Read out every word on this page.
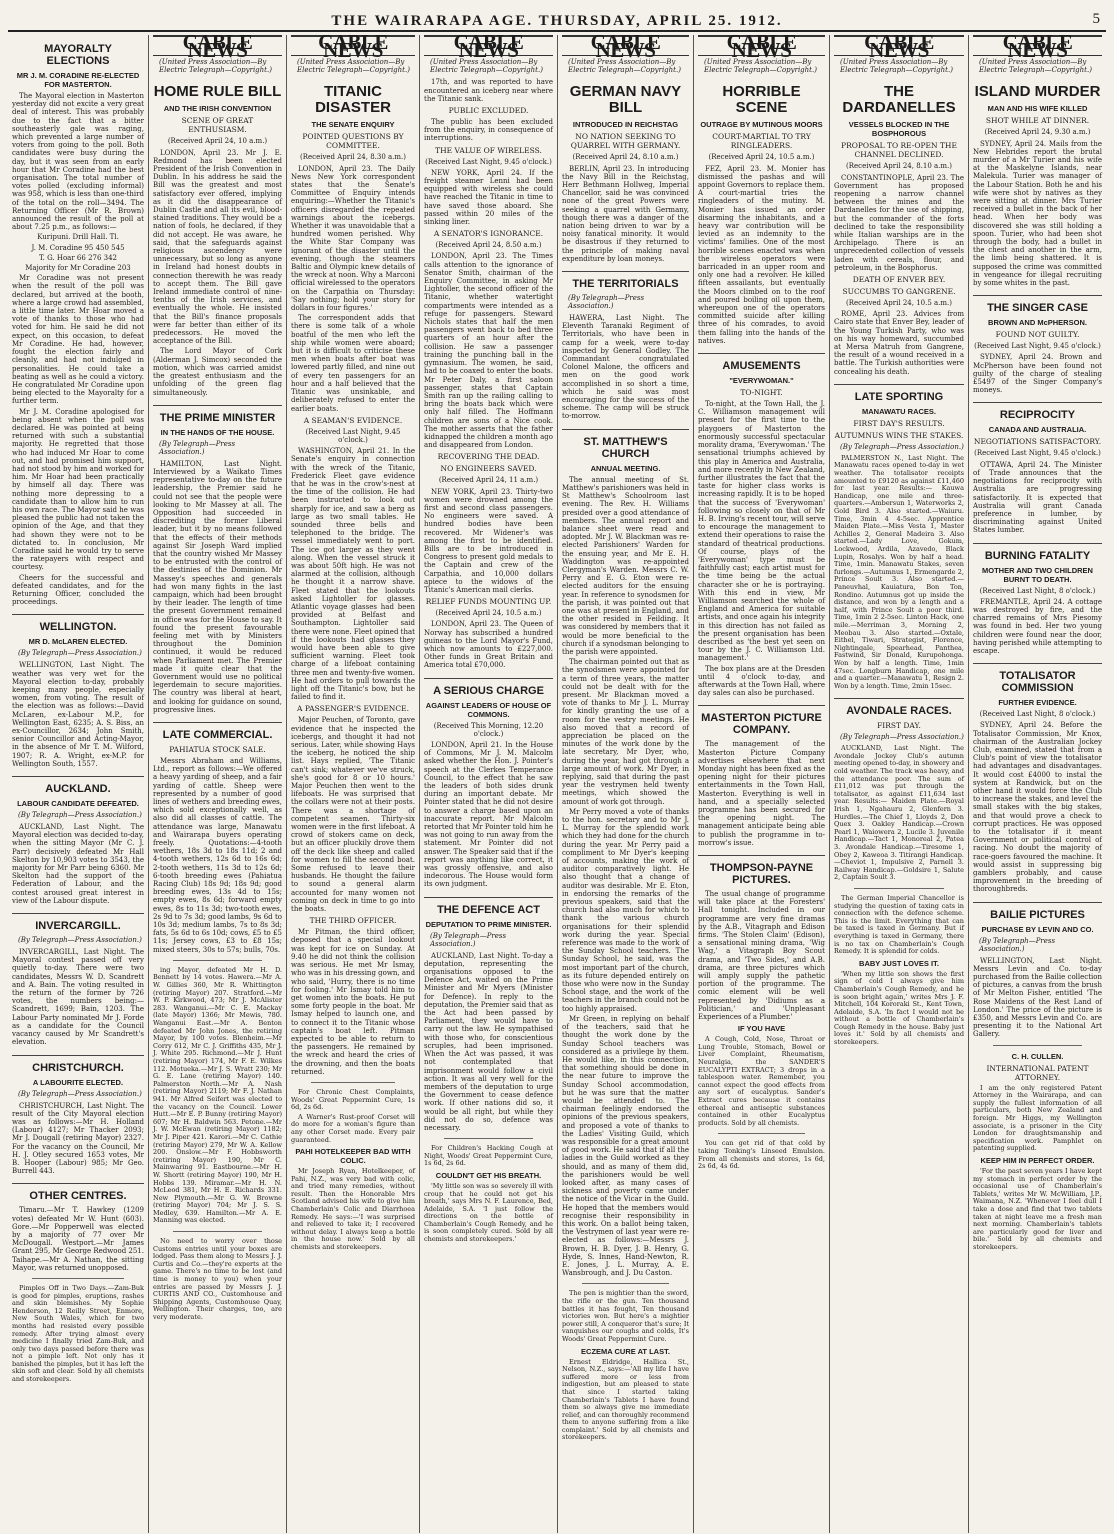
THE WAIRARAPA AGE. THURSDAY, APRIL 25. 1912.	5
MAYORALTY ELECTIONS
MR J. M. CORADINE RE-ELECTED FOR MASTERTON.

The Mayoral election in Masterton yesterday did not excite a very great deal of interest. This was probably due to the fact that a bitter southeasterly gale was raging, which prevented a large number of voters from going to the poll. Both candidates were busy during the day, but it was seen from an early hour that Mr Coradine had the best organisation. The total number of votes polled (excluding informal) was 958, which is less than one-third of the total on the roll—3494. The Returning Officer (Mr R. Brown) announced the result of the poll at about 7.25 p.m., as follows:—

Kuripuni. Drill Hall. Tl.
J. M. Coradine 95 450 545
T. G. Hoar 66 276 342
Majority for Mr Coradine 203

Mr Coradine was not present when the result of the poll was declared, but arrived at the booth, where a large crowd had assembled, a little time later. Mr Hoar moved a vote of thanks to those who had voted for him. He said he did not expect, on this occasion, to defeat Mr Coradine. He had, however, fought the election fairly and cleanly, and had not indulged in personalities. He could take a beating as well as he could a victory. He congratulated Mr Coradine upon being elected to the Mayoralty for a further term.

Mr J. M. Coradine apologised for being absent when the poll was declared. He was pointed at being returned with such a substantial majority. He regretted that those who had induced Mr Hoar to come out, and had promised him support, had not stood by him and worked for him. Mr Hoar had been practically by himself all day. There was nothing more depressing to a candidate than to allow him to run his own race. The Mayor said he was pleased the public had not taken the opinion of the Age, and that they had shown they were not to be dictated to. In conclusion, Mr Coradine said he would try to serve the ratepayers with respect and courtesy.

Cheers for the successful and defeated candidates, and for the Returning Officer, concluded the proceedings.

WELLINGTON.
MR D. McLAREN ELECTED.
(By Telegraph—Press Association.)

WELLINGTON, Last Night. The weather was very wet for the Mayoral election to-day, probably keeping many people, especially women, from voting. The result of the election was as follows:—David McLaren, ex-Labour M.P., for Wellington East, 6235; A. S. Biss, an ex-Councillor, 2634; John Smith, senior Councillor and Acting-Mayor, in the absence of Mr T. M. Wilford, 1907; R. A. Wright, ex-M.P. for Wellington South, 1557.

AUCKLAND.
LABOUR CANDIDATE DEFEATED.
(By Telegraph—Press Association.)

AUCKLAND, Last Night. The Mayoral election was decided to-day, when the sitting Mayor (Mr C. J. Parr) decisively defeated Mr Hall Skelton by 10,903 votes to 3543, the majority for Mr Parr being 6360. Mr Skelton had the support of the Federation of Labour, and the contest aroused great interest in view of the Labour dispute.

INVERCARGILL.
(By Telegraph—Press Association.)

INVERCARGILL, Last Night. The Mayoral contest passed off very quietly to-day. There were two candidates, Messrs W. D. Scandrett and A. Bain. The voting resulted in the return of the former by 726 votes, the numbers being:—Scandrett, 1699; Bain, 1203. The Labour Party nominated Mr J. Forde as a candidate for the Council vacancy caused by Mr Scandrett's elevation.

CHRISTCHURCH.
A LABOURITE ELECTED.
(By Telegraph—Press Association.)

CHRISTCHURCH, Last Night. The result of the City Mayoral election was as follows:—Mr H. Holland (Labour) 4127; Mr Thacker 2093; Mr J. Dougall (retiring Mayor) 2327. For the vacancy on the Council, Mr H. J. Otley secured 1653 votes, Mr B. Hooper (Labour) 985; Mr Geo. Burrell 443.

OTHER CENTRES.

Timaru.—Mr T. Hawkey (1209 votes) defeated Mr W. Hunt (603). Gore.—Mr Popperwell was elected by a majority of 77 over Mr McDougall. Westport.—Mr James Grant 295, Mr George Redwood 251. Taihape.—Mr A. Nathan, the sitting Mayor, was returned unopposed.

Pimples Off in Two Days.—Zam-Buk is good for pimples, eruptions, rashes and skin blemishes. My Sophie Henderson, 12 Reilly Street, Enmore, New South Wales, which for two months had resisted every possible remedy. After trying almost every medicine I finally tried Zam-Buk, and only two days passed before there was not a pimple left. Not only has it banished the pimples, but it has left the skin soft and clear. Sold by all chemists and storekeepers.

CABLE NEWS
(United Press Association—By Electric Telegraph—Copyright.)
HOME RULE BILL
AND THE IRISH CONVENTION
SCENE OF GREAT ENTHUSIASM.
(Received April 24, 10 a.m.)

LONDON, April 23. Mr J. E. Redmond has been elected President of the Irish Convention in Dublin. In his address he said the Bill was the greatest and most satisfactory ever offered, implying as it did the disappearance of Dublin Castle and all its evil, blood-stained traditions. They would be a nation of fools, he declared, if they did not accept. He was aware, he said, that the safeguards against religious ascendency were unnecessary, but so long as anyone in Ireland had honest doubts in connection therewith he was ready to accept them. The Bill gave Ireland immediate control of nine-tenths of the Irish services, and eventually the whole. He insisted that the Bill's finance proposals were far better than either of its predecessors. He moved the acceptance of the Bill.

The Lord Mayor of Cork (Alderman J. Simcox) seconded the motion, which was carried amidst the greatest enthusiasm and the unfolding of the green flag simultaneously.

THE PRIME MINISTER
IN THE HANDS OF THE HOUSE.
(By Telegraph—Press Association.)

HAMILTON, Last Night. Interviewed by a Waikato Times representative to-day on the future leadership, the Premier said he could not see that the people were looking to Mr Massey at all. The Opposition had succeeded in discrediting the former Liberal leader, but it by no means followed that the effects of their methods against Sir Joseph Ward implied that the country wished Mr Massey to be entrusted with the control of the destinies of the Dominion. Mr Massey's speeches and generals had won many fights in the last campaign, which had been brought by their leader. The length of time the present Government remained in office was for the House to say. It found the present favourable feeling met with by Ministers throughout the Dominion continued, it would be reduced when Parliament met. The Premier made it quite clear that the Government would use no political legerdemain to secure majorities. The country was liberal at heart, and looking for guidance on sound, progressive lines.

LATE COMMERCIAL.
PAHIATUA STOCK SALE.

Messrs Abraham and Williams, Ltd., report as follows:—We offered a heavy yarding of sheep, and a fair yarding of cattle. Sheep were represented by a number of good lines of wethers and breeding ewes, which sold exceptionally well, as also did all classes of cattle. The attendance was large, Manawatu and Wairarapa buyers operating freely. Quotations:—4-tooth wethers, 18s 3d to 18s 11d; 2 and 4-tooth wethers, 12s 6d to 16s 6d; 2-tooth wethers, 11s 3d to 12s 6d; 6-tooth breeding ewes (Pahiatua Racing Club) 18s 9d; 18s 9d; good breeding ewes, 13s 4d to 15s; empty ewes, 8s 6d; forward empty ewes, 8s to 11s 3d; two-tooth ewes, 2s 9d to 7s 3d; good lambs, 9s 6d to 10s 3d; medium lambs, 7s to 8s 3d; fats, 5s 6d to 6s 10d; cows, £5 to £5 11s; Jersey cows, £3 to £8 15s; mixed steers, 30s to 57s; bulls, 70s.

ing Mayor, defeated Mr H. D. Bennett by 14 votes. Hawera.—Mr A. W. Gillies 360, Mr R. Whittington (retiring Mayor) 207. Stratford.—Mr W. P. Kirkwood, 473; Mr J. McAlister 283. Wanganui.—Mr C. E. Mackay (late Mayor) 1366; Mr Mewis, 780. Wanganui East.—Mr A. Benton defeated Mr John Jones, the retiring Mayor, by 100 votes. Blenheim.—Mr Corry 612, Mr C. J. Griffiths 435, Mr J. J. White 295. Richmond.—Mr J. Hunt (retiring Mayor) 174, Mr F. E. Wilkes 112. Motueka.—Mr J. S. Wratt 230; Mr G. E. Lane (retiring Mayor) 140. Palmerston North.—Mr A. Nash (retiring Mayor) 2119; Mr F. J. Nathan 941. Mr Alfred Seifert was elected to the vacancy on the Council. Lower Hutt.—Mr E. P. Bunny (retiring Mayor) 607; Mr H. Baldwin 563. Petone.—Mr J. W. McEwan (retiring Mayor) 1182; Mr J. Piper 421. Karori.—Mr C. Cathie (retiring Mayor) 279, Mr W. A. Kellow 200. Onslow.—Mr F. Hobbsworth (retiring Mayor) 190, Mr C. Mainwaring 91. Eastbourne.—Mr H. W. Shortt (retiring Mayor) 190, Mr H. Hobbs 139. Miramar.—Mr H. N. McLeod 381, Mr H. E. Richards 331. New Plymouth.—Mr G. W. Browne (retiring Mayor) 704; Mr J. S. S. Medley, 639. Hamilton.—Mr A. E. Manning was elected.

No need to worry over those Customs entries until your boxes are lodged. Pass them along to Messrs J. J. Curtis and Co.—they're experts at the game. There's no time to be lost (and time is money to you) when your entries are passed by Messrs J. J. CURTIS AND CO., Customhouse and Shipping Agents, Customhouse Quay, Wellington. Their charges, too, are very moderate.

CABLE NEWS
(United Press Association—By Electric Telegraph—Copyright.)
TITANIC DISASTER
THE SENATE ENQUIRY
POINTED QUESTIONS BY COMMITTEE.
(Received April 24, 8.30 a.m.)

LONDON, April 23. The Daily News New York correspondent states that the Senate's Committee of Enquiry intends enquiring:—Whether the Titanic's officers disregarded the repeated warnings about the icebergs. Whether it was unavoidable that a hundred women perished. Why the White Star Company was ignorant of the disaster until the evening, though the steamers Baltic and Olympic knew details of the wreck at noon. Why a Marconi official wirelessed to the operators on the Carpathia on Thursday: 'Say nothing; hold your story for dollars in four figures.'

The correspondent adds that there is some talk of a whole boatful of the men who left the ship while women were aboard; but it is difficult to criticise these men when boats after boat was lowered partly filled, and nine out of every ten passengers for an hour and a half believed that the Titanic was unsinkable, and deliberately refused to enter the earlier boats.

A SEAMAN'S EVIDENCE.
(Received Last Night, 9.45 o'clock.)

WASHINGTON, April 21. In the Senate's enquiry in connection with the wreck of the Titanic, Frederick Fleet gave evidence that he was in the crow's-nest at the time of the collision. He had been instructed to look out sharply for ice, and saw a berg as large as two small tables. He sounded three bells and telephoned to the bridge. The vessel immediately went to port. The ice got larger as they went along. When the vessel struck it was about 50ft high. He was not alarmed at the collision, although he thought it a narrow shave. Fleet stated that the lookouts asked Lightoller for glasses. Atlantic voyage glasses had been provided at Belfast and Southampton. Lightoller said there were none. Fleet opined that if the lookouts had glasses they would have been able to give sufficient warning. Fleet took charge of a lifeboat containing three men and twenty-five women. He had orders to pull towards the light off the Titanic's bow, but he failed to find it.

A PASSENGER'S EVIDENCE.

Major Peuchen, of Toronto, gave evidence that he inspected the icebergs, and thought it had not serious. Later, while showing Hays the iceberg, he noticed the ship list. Hays replied, 'The Titanic can't sink; whatever we've struck, she's good for 8 or 10 hours.' Major Peuchen then went to the lifeboats. He was surprised that the collars were not at their posts. There was a shortage of competent seamen. Thirty-six women were in the first lifeboat. A crowd of stokers came on deck, but an officer pluckily drove them off the deck like sheep and called for women to fill the second boat. Some refused to leave their husbands. He thought the failure to sound a general alarm accounted for many women not coming on deck in time to go into the boats.

THE THIRD OFFICER.

Mr Pitman, the third officer, deposed that a special lookout was kept for ice on Sunday. At 9.40 he did not think the collision was serious. He met Mr Ismay, who was in his dressing gown, and who said, 'Hurry, there is no time for fooling.' Mr Ismay told him to get women into the boats. He put some forty people in the boat. Mr Ismay helped to launch one, and to connect it to the Titanic whose captain's boat left. Pitman expected to be able to return to the passengers. He remained by the wreck and heard the cries of the drowning, and then the boats returned.

For Chronic Chest Complaints, Woods' Great Peppermint Cure, 1s 6d, 2s 6d.

A Warner's Rust-proof Corset will do more for a woman's figure than any other Corset made. Every pair guaranteed.

PAHI HOTELKEEPER BAD WITH COLIC.

Mr Joseph Ryan, Hotelkeeper, of Pahi, N.Z., was very bad with colic, and tried many remedies, without result. Then the Honorable Mrs Scotland advised his wife to give him Chamberlain's Colic and Diarrhoea Remedy. He says:—'I was surprised and relieved to take it; I recovered without delay. I always keep a bottle in the house now.' Sold by all chemists and storekeepers.

CABLE NEWS
(United Press Association—By Electric Telegraph—Copyright.)

17th, and was reported to have encountered an iceberg near where the Titanic sank.

PUBLIC EXCLUDED.

The public has been excluded from the enquiry, in consequence of interruptions.

THE VALUE OF WIRELESS.
(Received Last Night, 9.45 o'clock.)

NEW YORK, April 24. If the freight steamer Lenni had been equipped with wireless she could have reached the Titanic in time to have saved those aboard. She passed within 20 miles of the sinking liner.

A SENATOR'S IGNORANCE.
(Received April 24, 8.50 a.m.)

LONDON, April 23. The Times calls attention to the ignorance of Senator Smith, chairman of the Enquiry Committee, in asking Mr Lightoller, the second officer of the Titanic, whether watertight compartments were intended as a refuge for passengers. Steward Nichols states that half the men passengers went back to bed three quarters of an hour after the collision. He saw a passenger training the punching ball in the gymnasium. The women, he said, had to be coaxed to enter the boats. Mr Peter Daly, a first saloon passenger, states that Captain Smith ran up the railing calling to bring the boats back which were only half filled. The Hoffmann children are sons of a Nice cook. The mother asserts that the father kidnapped the children a month ago and disappeared from London.

RECOVERING THE DEAD.
NO ENGINEERS SAVED.
(Received April 24, 11 a.m.)

NEW YORK, April 23. Thirty-two women were drowned among the first and second class passengers. No engineers were saved. A hundred bodies have been recovered. Mr Widener's was among the first to be identified. Bills are to be introduced in Congress to present gold medals to the Captain and crew of the Carpathia, and 10,000 dollars apiece to the widows of the Titanic's American mail clerks.

RELIEF FUNDS MOUNTING UP.
(Received April 24, 10.5 a.m.)

LONDON, April 23. The Queen of Norway has subscribed a hundred guineas to the Lord Mayor's Fund, which now amounts to £227,000. Other funds in Great Britain and America total £70,000.

A SERIOUS CHARGE
AGAINST LEADERS OF HOUSE OF COMMONS.
(Received This Morning, 12.20 o'clock.)

LONDON, April 21. In the House of Commons, Mr J. M. Malcolm asked whether the Hon. J. Pointer's speech at the Clerkes Temperance Council, to the effect that he saw the leaders of both sides drunk during an important debate. Mr Pointer stated that he did not desire to answer a charge based upon an inaccurate report. Mr Malcolm retorted that Mr Pointer told him he was not going to run away from the statement. Mr Pointer did not answer. The Speaker said that if the report was anything like correct, it was grossly offensive, and also indecorous. The House would form its own judgment.

THE DEFENCE ACT
DEPUTATION TO PRIME MINISTER.
(By Telegraph—Press Association.)

AUCKLAND, Last Night. To-day a deputation, representing the organisations opposed to the Defence Act, waited on the Prime Minister and Mr Myers (Minister for Defence). In reply to the deputation, the Premier said that as the Act had been passed by Parliament, they would have to carry out the law. He sympathised with those who, for conscientious scruples, had been imprisoned. When the Act was passed, it was not contemplated that imprisonment would follow a civil action. It was all very well for the members of the deputation to urge the Government to cease defence work. If other nations did so, it would be all right, but while they did not do so, defence was necessary.

For Children's Hacking Cough at Night, Woods' Great Peppermint Cure, 1s 6d, 2s 6d.

COULDN'T GET HIS BREATH.

'My little son was so severely ill with croup that he could not get his breath,' says Mrs N. F. Laurence, Bed, Adelaide, S.A. 'I just follow the directions on the bottle of Chamberlain's Cough Remedy, and he is soon completely cured. Sold by all chemists and storekeepers.'

CABLE NEWS
(United Press Association—By Electric Telegraph—Copyright.)
GERMAN NAVY BILL
INTRODUCED IN REICHSTAG
NO NATION SEEKING TO QUARREL WITH GERMANY.
(Received April 24, 8.10 a.m.)

BERLIN, April 23. In introducing the Navy Bill in the Reichstag, Herr Bethmann Hollweg, Imperial Chancellor, said he was convinced none of the great Powers were seeking a quarrel with Germany, though there was a danger of the nation being driven to war by a noisy fanatical minority. It would be disastrous if they returned to the principle of making naval expenditure by loan moneys.

THE TERRITORIALS
(By Telegraph—Press Association.)

HAWERA, Last Night. The Eleventh Taranaki Regiment of Territorials, who have been in camp for a week, were to-day inspected by General Godley. The Commandant congratulated Colonel Malone, the officers and men on the good work accomplished in so short a time, which he said was most encouraging for the success of the scheme. The camp will be struck to-morrow.

ST. MATTHEW'S CHURCH
ANNUAL MEETING.

The annual meeting of St. Matthew's parishioners was held in St Matthew's Schoolroom last evening. The Rev. H. Williams presided over a good attendance of members. The annual report and balance sheet were read and adopted. Mr J. W. Blackman was re-elected Parishioners' Warden for the ensuing year, and Mr E. H. Waddington was re-appointed Clergyman's Warden. Messrs C. W. Perry and E. G. Eton were re-elected auditors for the ensuing year. In reference to synodsmen for the parish, it was pointed out that one was at present in England, and the other resided in Feilding. It was considered by members that it would be more beneficial to the church if a synodsman belonging to the parish were appointed.

The chairman pointed out that as the synodsmen were appointed for a term of three years, the matter could not be dealt with for the present. Mr Blackman moved a vote of thanks to Mr J. L. Murray for kindly granting the use of a room for the vestry meetings. He also moved that a record of appreciation be placed on the minutes of the work done by the late secretary, Mr Dyer, who, during the year, had got through a large amount of work. Mr Dyer, in replying, said that during the past year the vestrymen held twenty meetings, which showed the amount of work got through.

Mr Perry moved a vote of thanks to the hon. secretary and to Mr J. L. Murray for the splendid work which they had done for the church during the year. Mr Perry paid a compliment to Mr Dyer's keeping of accounts, making the work of auditor comparatively light. He also thought that a change of auditor was desirable. Mr E. Eton, in endorsing the remarks of the previous speakers, said that the church had also much for which to thank the various church organisations for their splendid work during the year. Special reference was made to the work of the Sunday School teachers. The Sunday School, he said, was the most important part of the church, as its future depended entirely on those who were now in the Sunday School stage, and the work of the teachers in the branch could not be too highly appraised.

Mr Green, in replying on behalf of the teachers, said that he thought the work done by the Sunday School teachers was considered as a privilege by them. He would like, in this connection, that something should be done in the near future to improve the Sunday School accommodation, but he was sure that the matter would be attended to. The chairman feelingly endorsed the opinions of the previous speakers, and proposed a vote of thanks to the Ladies' Visiting Guild, which was responsible for a great amount of good work. He said that if all the ladies in the Guild worked as they should, and as many of them did, the parishioners would be well looked after, as many cases of sickness and poverty came under the notice of the Vicar in the Guild. He hoped that the members would recognise their responsibility in this work. On a ballot being taken, the Vestrymen of last year were re-elected as follows:—Messrs J. Brown, H. B. Dyer, J. B. Henry, G. Hyde, S. Innes, Hand-Newton, R. E. Jones, J. L. Murray, A. E. Wansbrough, and J. Du Caston.

The pen is mightier than the sword, the rifle or the gun. Ten thousand battles it has fought, Ten thousand victories won. But here's a mightier power still, A conqueror that's sure; It vanquishes our coughs and colds, It's Woods' Great Peppermint Cure.

ECZEMA CURE AT LAST.

Ernest Eldridge, Hallica St., Nelson, N.Z., says:—'All my life I have suffered more or less from indigestion, but am pleased to state that since I started taking Chamberlain's Tablets I have found them so always give me immediate relief, and can thoroughly recommend them to anyone suffering from a like complaint.' Sold by all chemists and storekeepers.

CABLE NEWS
(United Press Association—By Electric Telegraph—Copyright.)
HORRIBLE SCENE
OUTRAGE BY MUTINOUS MOORS
COURT-MARTIAL TO TRY RINGLEADERS.
(Received April 24, 10.5 a.m.)

FEZ, April 23. M. Monier has dismissed the pashas and will appoint Governors to replace them. A court-martial tries the ringleaders of the mutiny. M. Monier has issued an order disarming the inhabitants, and a heavy war contribution will be levied as an indemnity to the victims' families. One of the most horrible scenes enacted was when the wireless operators were barricaded in an upper room and only one had a revolver. He killed fifteen assailants, but eventually the Moors climbed on to the roof and poured boiling oil upon them, whereupon one of the operators committed suicide after killing three of his comrades, to avoid them falling into the hands of the natives.

AMUSEMENTS
"EVERYWOMAN."
TO-NIGHT.

To-night, at the Town Hall, the J. C. Williamson management will present for the first time to the playgoers of Masterton the enormously successful spectacular morality drama, 'Everywoman.' The sensational triumphs achieved by this play in America and Australia, and more recently in New Zealand, further illustrates the fact that the taste for higher class works is increasing rapidly. It is to be hoped that the success of 'Everywoman' following so closely on that of Mr H. B. Irving's recent tour, will serve to encourage the management to extend their operations to raise the standard of theatrical productions. Of course, plays of the 'Everywoman' type must be faithfully cast; each artist must for the time being be the actual character she or he is portraying. With this end in view, Mr Williamson searched the whole of England and America for suitable artists, and once again his integrity in this direction has not failed as the present organisation has been described as 'the best yet seen on tour by the J. C. Williamson Ltd. management.'

The box plans are at the Dresden until 4 o'clock to-day, and afterwards at the Town Hall, where day sales can also be purchased.

MASTERTON PICTURE COMPANY.

The management of the Masterton Picture Company advertises elsewhere that next Monday night has been fixed as the opening night for their pictures entertainments in the Town Hall, Masterton. Everything is well in hand, and a specially selected programme has been secured for the opening night. The management anticipate being able to publish the programme in to-morrow's issue.

THOMPSON-PAYNE PICTURES.

The usual change of programme will take place at the Foresters' Hall tonight. Included in our programme are very fine dramas by the A.B., Vitagraph and Edison firms. 'The Stolen Claim' (Edison), a sensational mining drama, 'Wig Wag,' a Vitagraph Boy Scout drama, and 'Two Sides,' and A.B. drama, are three pictures which will amply supply the pathetic portion of the programme. The comic element will be well represented by 'Didiums as a Politician,' and 'Unpleasant Experiences of a Plumber.'

IF YOU HAVE

A Cough, Cold, Nose, Throat or Lung Trouble, Stomach, Bowel or Liver Complaint, Rheumatism, Neuralgia, the SANDER'S EUCALYPTI EXTRACT; 3 drops in a tablespoon water. Remember, you cannot expect the good effects from any sort of eucalyptus. Sander's Extract cures because it contains ethereal and antiseptic substances contained in other Eucalyptus products. Sold by all chemists.

You can get rid of that cold by taking Tonking's Linseed Emulsion. From all chemists and stores, 1s 6d, 2s 6d, 4s 6d.

CABLE NEWS
(United Press Association—By Electric Telegraph—Copyright.)
THE DARDANELLES
VESSELS BLOCKED IN THE BOSPHOROUS
PROPOSAL TO RE-OPEN THE CHANNEL DECLINED.
(Received April 24, 8.10 a.m.)

CONSTANTINOPLE, April 23. The Government has proposed reopening a narrow channel between the mines and the Dardanelles for the use of shipping, but the commander of the forts declined to take the responsibility while Italian warships are in the Archipelago. There is an unprecedented collection of vessels laden with cereals, flour, and petroleum, in the Bosphorus.

DEATH OF ENVER BEY.
SUCCUMBS TO GANGRENE.
(Received April 24, 10.5 a.m.)

ROME, April 23. Advices from Cairo state that Enver Bey, leader of the Young Turkish Party, who was on his way homeward, succumbed at Mersa Matruh from Gangrene, the result of a wound received in a battle. The Turkish authorities were concealing his death.

LATE SPORTING
MANAWATU RACES.
FIRST DAY'S RESULTS.
AUTUMNUS WINS THE STAKES.
(By Telegraph—Press Association.)

PALMERSTON N., Last Night. The Manawatu races opened to-day in wet weather. The totalisator receipts amounted to £9120 as against £11,460 for last year. Results:— Kauwa Handicap, one mile and three-quarters.—Ambersun 1, Waterworks 2, Gold Bird 3. Also started.—Waiuru. Time, 3min 4 4-5sec. Apprentice Maiden Plate.—Miss Vesta 1, Master Achilles 2, General Madeira 3. Also started.—Lady Love, Gokum, Lockwood, Ardila, Azavedo, Black Lupin, Rosalys. Won by half a head. Time, 1min. Manawatu Stakes, seven furlongs.—Autumnus 1, Ermengarde 2, Prince Soult 3. Also started.—Paneuvhal, Kauiatura, Bon Ton, Rondino. Autumnus got up inside the distance, and won by a length and a half, with Prince Soult a poor third. Time, 1min 2 2-5sec. Linton Hack, one mile.—Merriman 3, Morning 2, Meobau 3. Also started.—Oxtale, Eithel, Tiwari, Strategist, Florence, Nightingale, Spearhead, Panthea, Fastwind, Sir Donald, Kurupohonga. Won by half a length. Time, 1min 47sec. Longburn Handicap, one mile and a quarter.—Manawatu 1, Resign 2. Won by a length. Time, 2min 15sec.

AVONDALE RACES.
FIRST DAY.
(By Telegraph—Press Association.)

AUCKLAND, Last Night. The Avondale Jockey Club's autumn meeting opened to-day, in showery and cold weather. The track was heavy, and the attendance poor. The sum of £11,012 was put through the totalisator, as against £11,634 last year. Results:— Maiden Plate.—Royal Irish 1, Ngahauru 2, Glenfern 3. Hurdles.—The Chief 1, Lloyds 2, Don Quex 3. Oakley Handicap.—Crown Pearl 1, Waiowera 2, Lucile 3. Juvenile Handicap.—Tact 1, Monoreal 2, Patea 3. Avondale Handicap.—Tiresome 1, Obey 2, Kaweoa 3. Titirangi Handicap.—Cheviot 1, Impulsive 2, Parnell 3. Railway Handicap.—Goldsire 1, Salute 2, Captain Soult 3.

The German Imperial Chancellor is studying the question of taxing cats in connection with the defence scheme. This is the limit. Everything that can be taxed is taxed in Germany. But if everything is taxed in Germany, there is no tax on Chamberlain's Cough Remedy. It is splendid for colds.

BABY JUST LOVES IT.

'When my little son shows the first sign of cold I always give him Chamberlain's Cough Remedy, and he is soon bright again,' writes Mrs J. F. Mitchell, 104 Kororaki St., Kent Town, Adelaide, S.A. 'In fact I would not be without a bottle of Chamberlain's Cough Remedy in the house. Baby just loves it.' Sold by all chemists and storekeepers.

CABLE NEWS
(United Press Association—By Electric Telegraph—Copyright.)
ISLAND MURDER
MAN AND HIS WIFE KILLED
SHOT WHILE AT DINNER.
(Received April 24, 9.30 a.m.)

SYDNEY, April 24. Mails from the New Hebrides report the brutal murder of a Mr Turier and his wife at the Maskelyne Islands, near Malekula. Turier was manager of the Labour Station. Both he and his wife were shot by natives as they were sitting at dinner. Mrs Turier received a bullet in the back of her head. When her body was discovered she was still holding a spoon. Turier, who had been shot through the body, had a bullet in the chest and another in the arm, the limb being shattered. It is supposed the crime was committed in vengeance for illegal recruiting by some whites in the past.

THE SINGER CASE
BROWN AND McPHERSON.
FOUND NOT GUILTY.
(Received Last Night, 9.45 o'clock.)

SYDNEY, April 24. Brown and McPherson have been found not guilty of the charge of stealing £5497 of the Singer Company's moneys.

RECIPROCITY
CANADA AND AUSTRALIA.
NEGOTIATIONS SATISFACTORY.
(Received Last Night, 9.45 o'clock.)

OTTAWA, April 24. The Minister of Trade announces that the negotiations for reciprocity with Australia are progressing satisfactorily. It is expected that Australia will grant Canada preference in lumber, by discriminating against United States lumber.

BURNING FATALITY
MOTHER AND TWO CHILDREN BURNT TO DEATH.
(Received Last Night, 8 o'clock.)

FREMANTLE, April 24. A cottage was destroyed by fire, and the charred remains of Mrs Piesomy was found in bed. Her two young children were found near the door, having perished while attempting to escape.

TOTALISATOR COMMISSION
FURTHER EVIDENCE.
(Received Last Night, 8 o'clock.)

SYDNEY, April 24. Before the Totalisator Commission, Mr Knox, chairman of the Australian Jockey Club, examined, stated that from a Club's point of view the totalisator had advantages and disadvantages. It would cost £4000 to instal the system at Randwick, but on the other hand it would force the Club to increase the stakes, and level the small stakes with the big stakes, and that would prove a check to corrupt practices. He was opposed to the totalisator if it meant Government or political control of racing. No doubt the majority of race-goers favoured the machine. It would assist in suppressing big gamblers probably, and cause improvement in the breeding of thoroughbreds.

BAILIE PICTURES
PURCHASE BY LEVIN AND CO.
(By Telegraph—Press Association.)

WELLINGTON, Last Night. Messrs Levin and Co. to-day purchased from the Bailie collection of pictures, a canvas from the brush of Mr Melton Fisher, entitled 'The Rose Maidens of the Rest Land of London.' The price of the picture is £350, and Messrs Levin and Co. are presenting it to the National Art Gallery.

C. H. CULLEN.
INTERNATIONAL PATENT ATTORNEY.

I am the only registered Patent Attorney in the Wairarapa, and can supply the fullest information of all particulars, both New Zealand and foreign. Mr Higgs, my Wellington associate, is a prisoner in the City London for draughtsmanship and specification work. Pamphlet on patenting supplied.

KEEP HIM IN PERFECT ORDER.

'For the past seven years I have kept my stomach in perfect order by the occasional use of Chamberlain's Tablets,' writes Mr W. McWilliam, J.P., Waimana, N.Z. 'Whenever I feel dull I take a dose and find that two tablets taken at night leave me a fresh man next morning. Chamberlain's tablets are particularly good for liver and bile.' Sold by all chemists and storekeepers.
